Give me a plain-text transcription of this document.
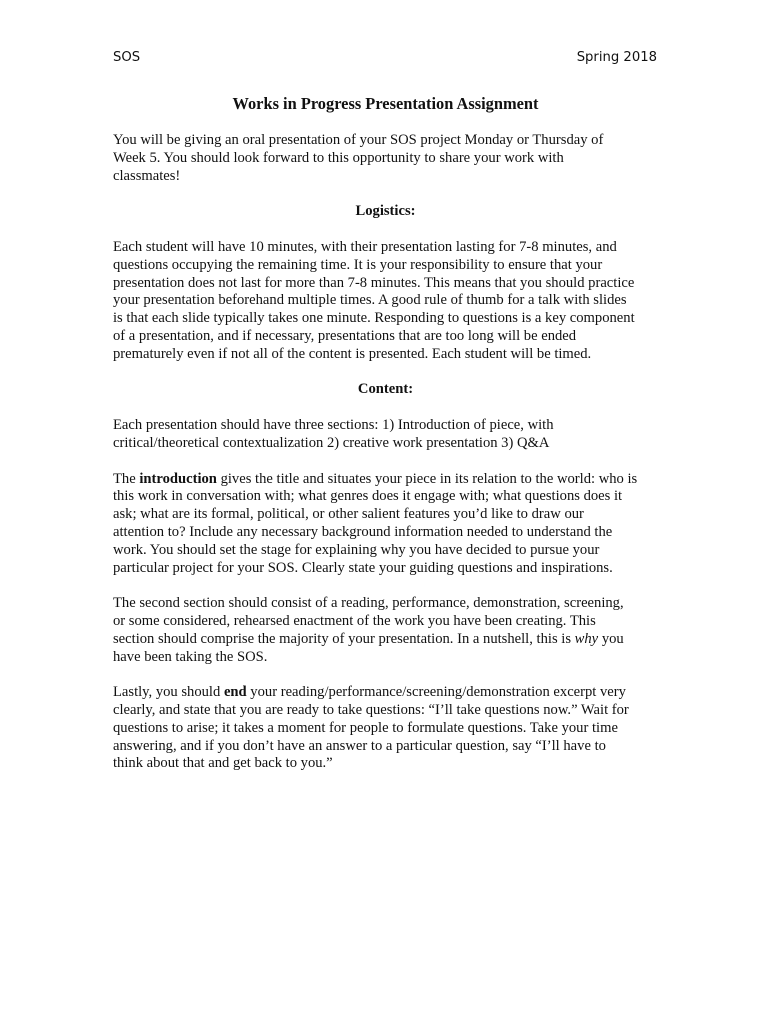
SOS	Spring 2018
Works in Progress Presentation Assignment

You will be giving an oral presentation of your SOS project Monday or Thursday of
Week 5. You should look forward to this opportunity to share your work with
classmates!

Logistics:

Each student will have 10 minutes, with their presentation lasting for 7-8 minutes, and
questions occupying the remaining time. It is your responsibility to ensure that your
presentation does not last for more than 7-8 minutes. This means that you should practice
your presentation beforehand multiple times. A good rule of thumb for a talk with slides
is that each slide typically takes one minute. Responding to questions is a key component
of a presentation, and if necessary, presentations that are too long will be ended
prematurely even if not all of the content is presented. Each student will be timed.

Content:

Each presentation should have three sections: 1) Introduction of piece, with
critical/theoretical contextualization 2) creative work presentation 3) Q&A

The introduction gives the title and situates your piece in its relation to the world: who is
this work in conversation with; what genres does it engage with; what questions does it
ask; what are its formal, political, or other salient features you’d like to draw our
attention to? Include any necessary background information needed to understand the
work. You should set the stage for explaining why you have decided to pursue your
particular project for your SOS. Clearly state your guiding questions and inspirations.

The second section should consist of a reading, performance, demonstration, screening,
or some considered, rehearsed enactment of the work you have been creating. This
section should comprise the majority of your presentation. In a nutshell, this is why you
have been taking the SOS.

Lastly, you should end your reading/performance/screening/demonstration excerpt very
clearly, and state that you are ready to take questions: “I’ll take questions now.” Wait for
questions to arise; it takes a moment for people to formulate questions. Take your time
answering, and if you don’t have an answer to a particular question, say “I’ll have to
think about that and get back to you.”
